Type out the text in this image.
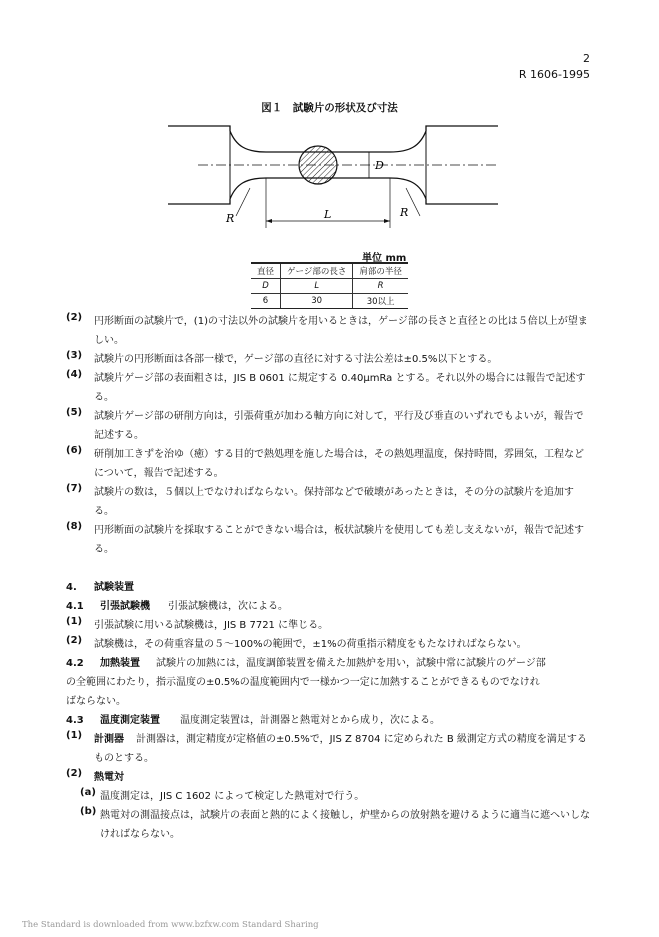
2
R 1606-1995
図１　試験片の形状及び寸法
D
L
R	R
単位 mm
直径	ゲージ部の長さ	肩部の半径
D	L	R
6	30	30以上
(2) 円形断面の試験片で，(1)の寸法以外の試験片を用いるときは，ゲージ部の長さと直径との比は５倍以上が望ましい。
(3) 試験片の円形断面は各部一様で，ゲージ部の直径に対する寸法公差は±0.5%以下とする。
(4) 試験片ゲージ部の表面粗さは，JIS B 0601 に規定する 0.40μmRa とする。それ以外の場合には報告で記述する。
(5) 試験片ゲージ部の研削方向は，引張荷重が加わる軸方向に対して，平行及び垂直のいずれでもよいが，報告で記述する。
(6) 研削加工きずを治ゆ（癒）する目的で熱処理を施した場合は，その熱処理温度，保持時間，雰囲気，工程などについて，報告で記述する。
(7) 試験片の数は，５個以上でなければならない。保持部などで破壊があったときは，その分の試験片を追加する。
(8) 円形断面の試験片を採取することができない場合は，板状試験片を使用しても差し支えないが，報告で記述する。
4. 試験装置
4.1 引張試験機 引張試験機は，次による。
(1) 引張試験に用いる試験機は，JIS B 7721 に準じる。
(2) 試験機は，その荷重容量の５～100%の範囲で，±1%の荷重指示精度をもたなければならない。
4.2 加熱装置 試験片の加熱には，温度調節装置を備えた加熱炉を用い，試験中常に試験片のゲージ部
の全範囲にわたり，指示温度の±0.5%の温度範囲内で一様かつ一定に加熱することができるものでなけれ
ばならない。
4.3 温度測定装置 温度測定装置は，計測器と熱電対とから成り，次による。
(1) 計測器	計測器は，測定精度が定格値の±0.5%で，JIS Z 8704 に定められた B 級測定方式の精度を満足するものとする。
(2) 熱電対
(a) 温度測定は，JIS C 1602 によって検定した熱電対で行う。
(b) 熱電対の測温接点は，試験片の表面と熱的によく接触し，炉壁からの放射熱を避けるように適当に遮へいしなければならない。
The Standard is downloaded from www.bzfxw.com Standard Sharing
